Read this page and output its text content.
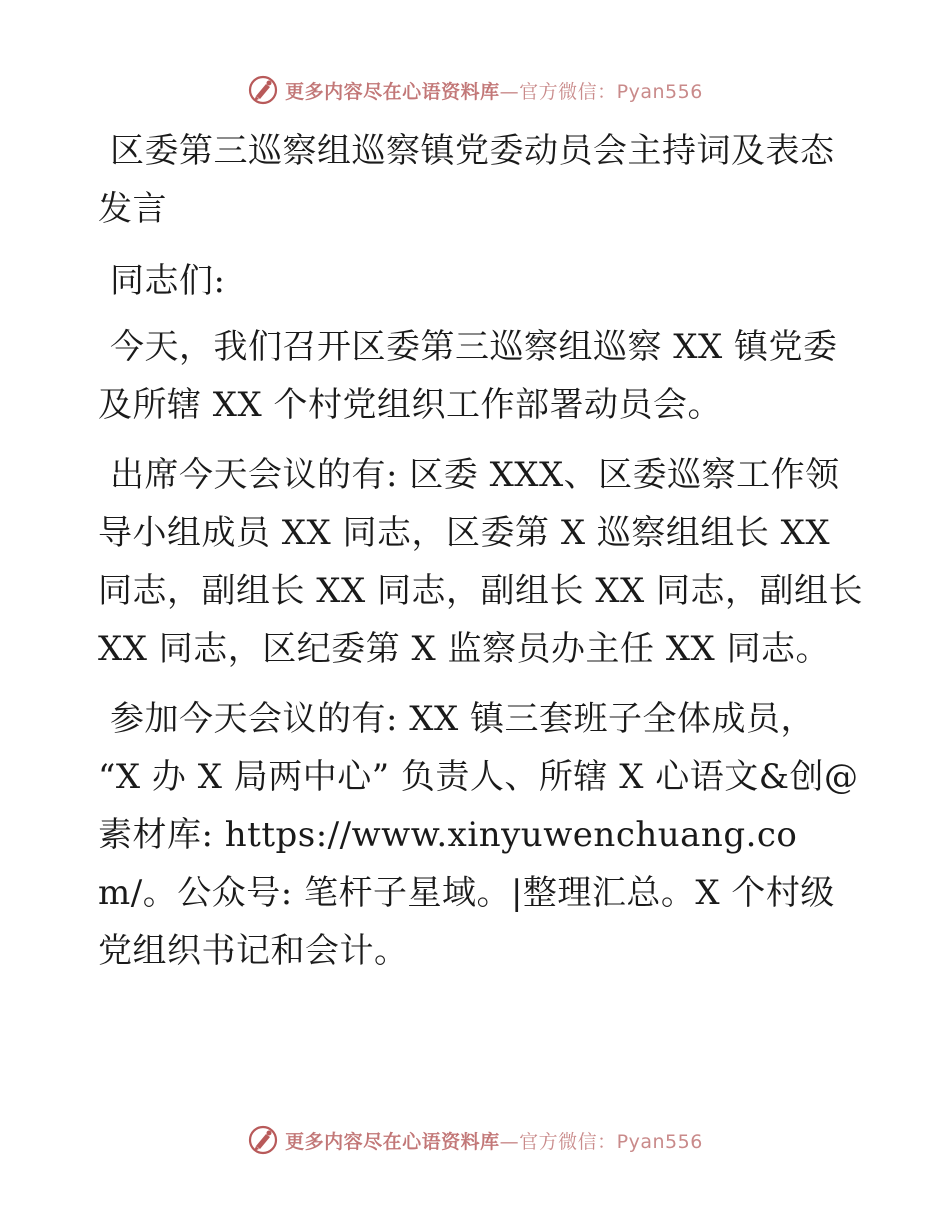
更多内容尽在心语资料库—官方微信：Pyan556

区委第三巡察组巡察镇党委动员会主持词及表态发言

同志们:

今天，我们召开区委第三巡察组巡察 XX 镇党委及所辖 XX 个村党组织工作部署动员会。

出席今天会议的有: 区委 XXX、区委巡察工作领导小组成员 XX 同志，区委第 X 巡察组组长 XX 同志，副组长 XX 同志，副组长 XX 同志，副组长 XX 同志，区纪委第 X 监察员办主任 XX 同志。

参加今天会议的有: XX 镇三套班子全体成员， “X 办 X 局两中心” 负责人、所辖 X 心语文&创@素材库: https://www.xinyuwenchuang.com/。公众号: 笔杆子星域。|整理汇总。X 个村级党组织书记和会计。

更多内容尽在心语资料库—官方微信：Pyan556
